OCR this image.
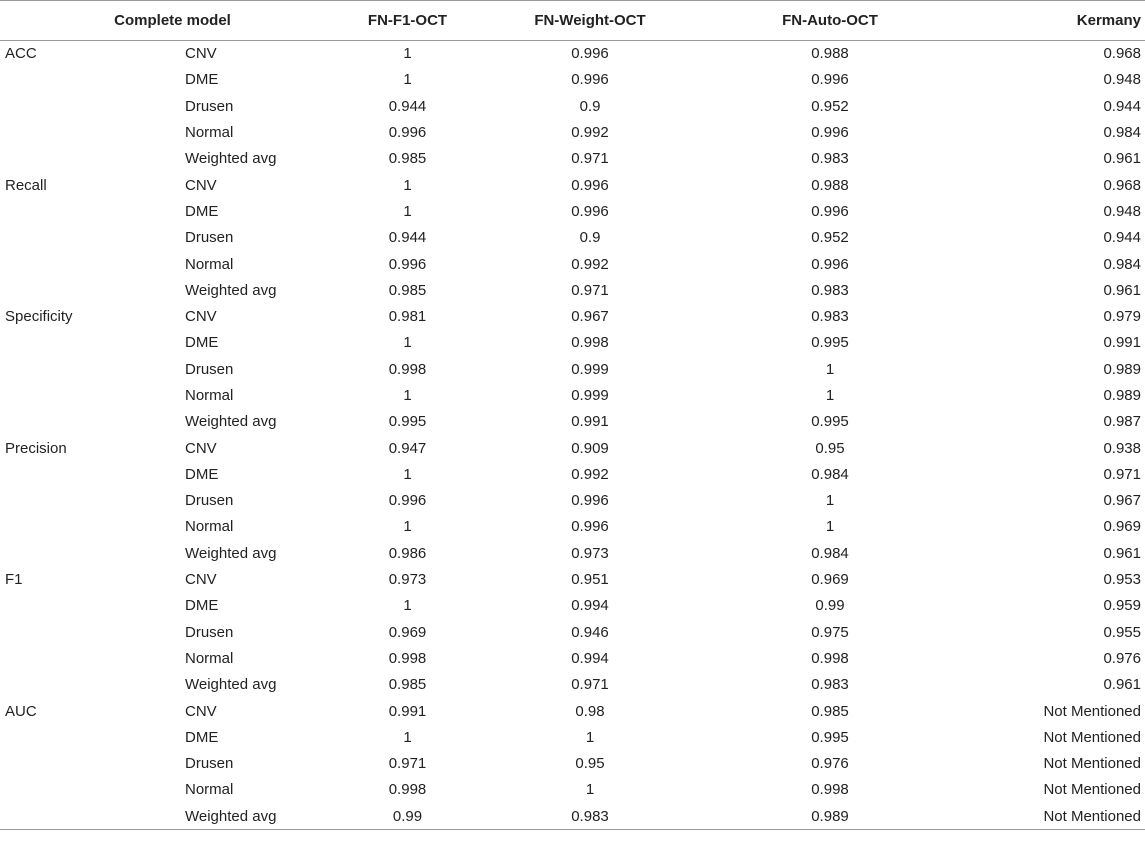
Complete model		FN-F1-OCT	FN-Weight-OCT	FN-Auto-OCT	Kermany
ACC	CNV	1	0.996	0.988	0.968
	DME	1	0.996	0.996	0.948
	Drusen	0.944	0.9	0.952	0.944
	Normal	0.996	0.992	0.996	0.984
	Weighted avg	0.985	0.971	0.983	0.961
Recall	CNV	1	0.996	0.988	0.968
	DME	1	0.996	0.996	0.948
	Drusen	0.944	0.9	0.952	0.944
	Normal	0.996	0.992	0.996	0.984
	Weighted avg	0.985	0.971	0.983	0.961
Specificity	CNV	0.981	0.967	0.983	0.979
	DME	1	0.998	0.995	0.991
	Drusen	0.998	0.999	1	0.989
	Normal	1	0.999	1	0.989
	Weighted avg	0.995	0.991	0.995	0.987
Precision	CNV	0.947	0.909	0.95	0.938
	DME	1	0.992	0.984	0.971
	Drusen	0.996	0.996	1	0.967
	Normal	1	0.996	1	0.969
	Weighted avg	0.986	0.973	0.984	0.961
F1	CNV	0.973	0.951	0.969	0.953
	DME	1	0.994	0.99	0.959
	Drusen	0.969	0.946	0.975	0.955
	Normal	0.998	0.994	0.998	0.976
	Weighted avg	0.985	0.971	0.983	0.961
AUC	CNV	0.991	0.98	0.985	Not Mentioned
	DME	1	1	0.995	Not Mentioned
	Drusen	0.971	0.95	0.976	Not Mentioned
	Normal	0.998	1	0.998	Not Mentioned
	Weighted avg	0.99	0.983	0.989	Not Mentioned
